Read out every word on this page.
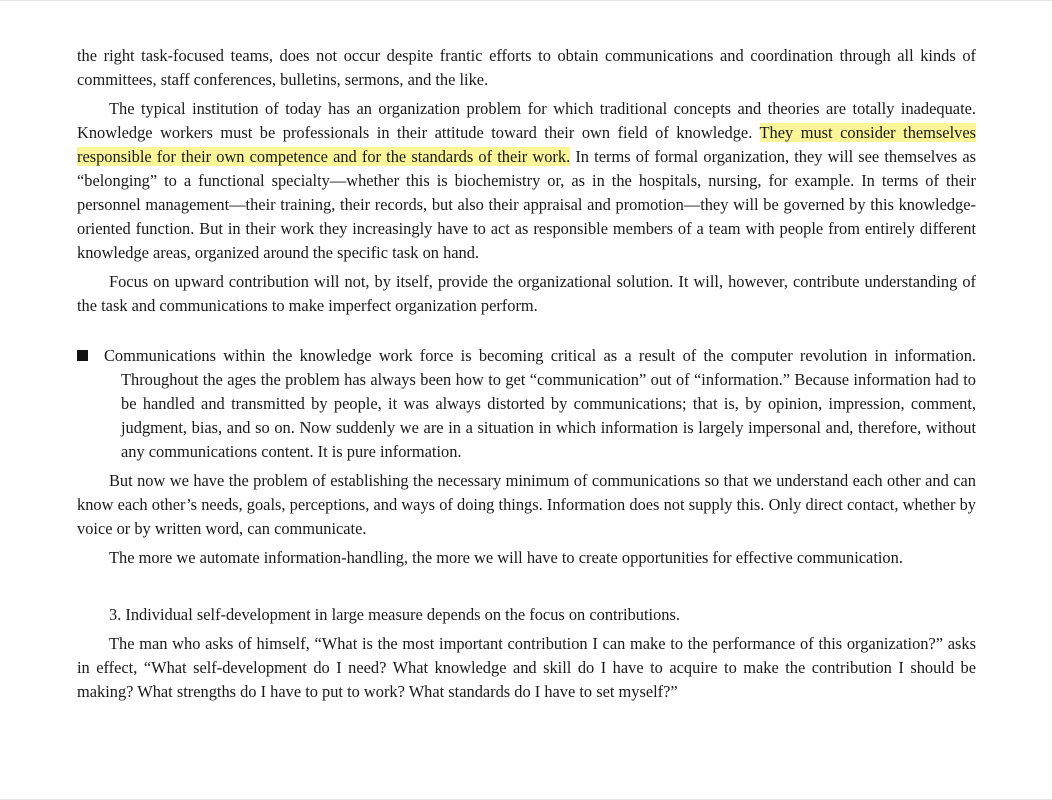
the right task-focused teams, does not occur despite frantic efforts to obtain communications and coordination through all kinds of committees, staff conferences, bulletins, sermons, and the like.

The typical institution of today has an organization problem for which traditional concepts and theories are totally inadequate. Knowledge workers must be professionals in their attitude toward their own field of knowledge. They must consider themselves responsible for their own competence and for the standards of their work. In terms of formal organization, they will see themselves as “belonging” to a functional specialty—whether this is biochemistry or, as in the hospitals, nursing, for example. In terms of their personnel management—their training, their records, but also their appraisal and promotion—they will be governed by this knowledge-oriented function. But in their work they increasingly have to act as responsible members of a team with people from entirely different knowledge areas, organized around the specific task on hand.

Focus on upward contribution will not, by itself, provide the organizational solution. It will, however, contribute understanding of the task and communications to make imperfect organization perform.

Communications within the knowledge work force is becoming critical as a result of the computer revolution in information. Throughout the ages the problem has always been how to get “communication” out of “information.” Because information had to be handled and transmitted by people, it was always distorted by communications; that is, by opinion, impression, comment, judgment, bias, and so on. Now suddenly we are in a situation in which information is largely impersonal and, therefore, without any communications content. It is pure information.

But now we have the problem of establishing the necessary minimum of communications so that we understand each other and can know each other’s needs, goals, perceptions, and ways of doing things. Information does not supply this. Only direct contact, whether by voice or by written word, can communicate.

The more we automate information-handling, the more we will have to create opportunities for effective communication.

3. Individual self-development in large measure depends on the focus on contributions.

The man who asks of himself, “What is the most important contribution I can make to the performance of this organization?” asks in effect, “What self-development do I need? What knowledge and skill do I have to acquire to make the contribution I should be making? What strengths do I have to put to work? What standards do I have to set myself?”
